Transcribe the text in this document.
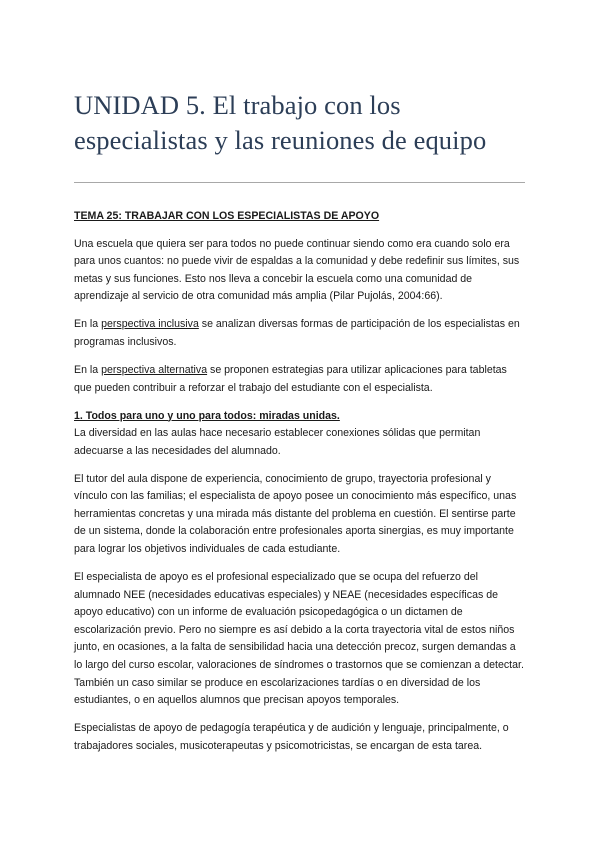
UNIDAD 5. El trabajo con los
especialistas y las reuniones de equipo

TEMA 25: TRABAJAR CON LOS ESPECIALISTAS DE APOYO

Una escuela que quiera ser para todos no puede continuar siendo como era cuando solo era para unos cuantos: no puede vivir de espaldas a la comunidad y debe redefinir sus límites, sus metas y sus funciones. Esto nos lleva a concebir la escuela como una comunidad de aprendizaje al servicio de otra comunidad más amplia (Pilar Pujolás, 2004:66).

En la perspectiva inclusiva se analizan diversas formas de participación de los especialistas en programas inclusivos.

En la perspectiva alternativa se proponen estrategias para utilizar aplicaciones para tabletas que pueden contribuir a reforzar el trabajo del estudiante con el especialista.

1. Todos para uno y uno para todos: miradas unidas.
La diversidad en las aulas hace necesario establecer conexiones sólidas que permitan adecuarse a las necesidades del alumnado.

El tutor del aula dispone de experiencia, conocimiento de grupo, trayectoria profesional y vínculo con las familias; el especialista de apoyo posee un conocimiento más específico, unas herramientas concretas y una mirada más distante del problema en cuestión. El sentirse parte de un sistema, donde la colaboración entre profesionales aporta sinergias, es muy importante para lograr los objetivos individuales de cada estudiante.

El especialista de apoyo es el profesional especializado que se ocupa del refuerzo del alumnado NEE (necesidades educativas especiales) y NEAE (necesidades específicas de apoyo educativo) con un informe de evaluación psicopedagógica o un dictamen de escolarización previo. Pero no siempre es así debido a la corta trayectoria vital de estos niños junto, en ocasiones, a la falta de sensibilidad hacia una detección precoz, surgen demandas a lo largo del curso escolar, valoraciones de síndromes o trastornos que se comienzan a detectar. También un caso similar se produce en escolarizaciones tardías o en diversidad de los estudiantes, o en aquellos alumnos que precisan apoyos temporales.

Especialistas de apoyo de pedagogía terapéutica y de audición y lenguaje, principalmente, o trabajadores sociales, musicoterapeutas y psicomotricistas, se encargan de esta tarea.
